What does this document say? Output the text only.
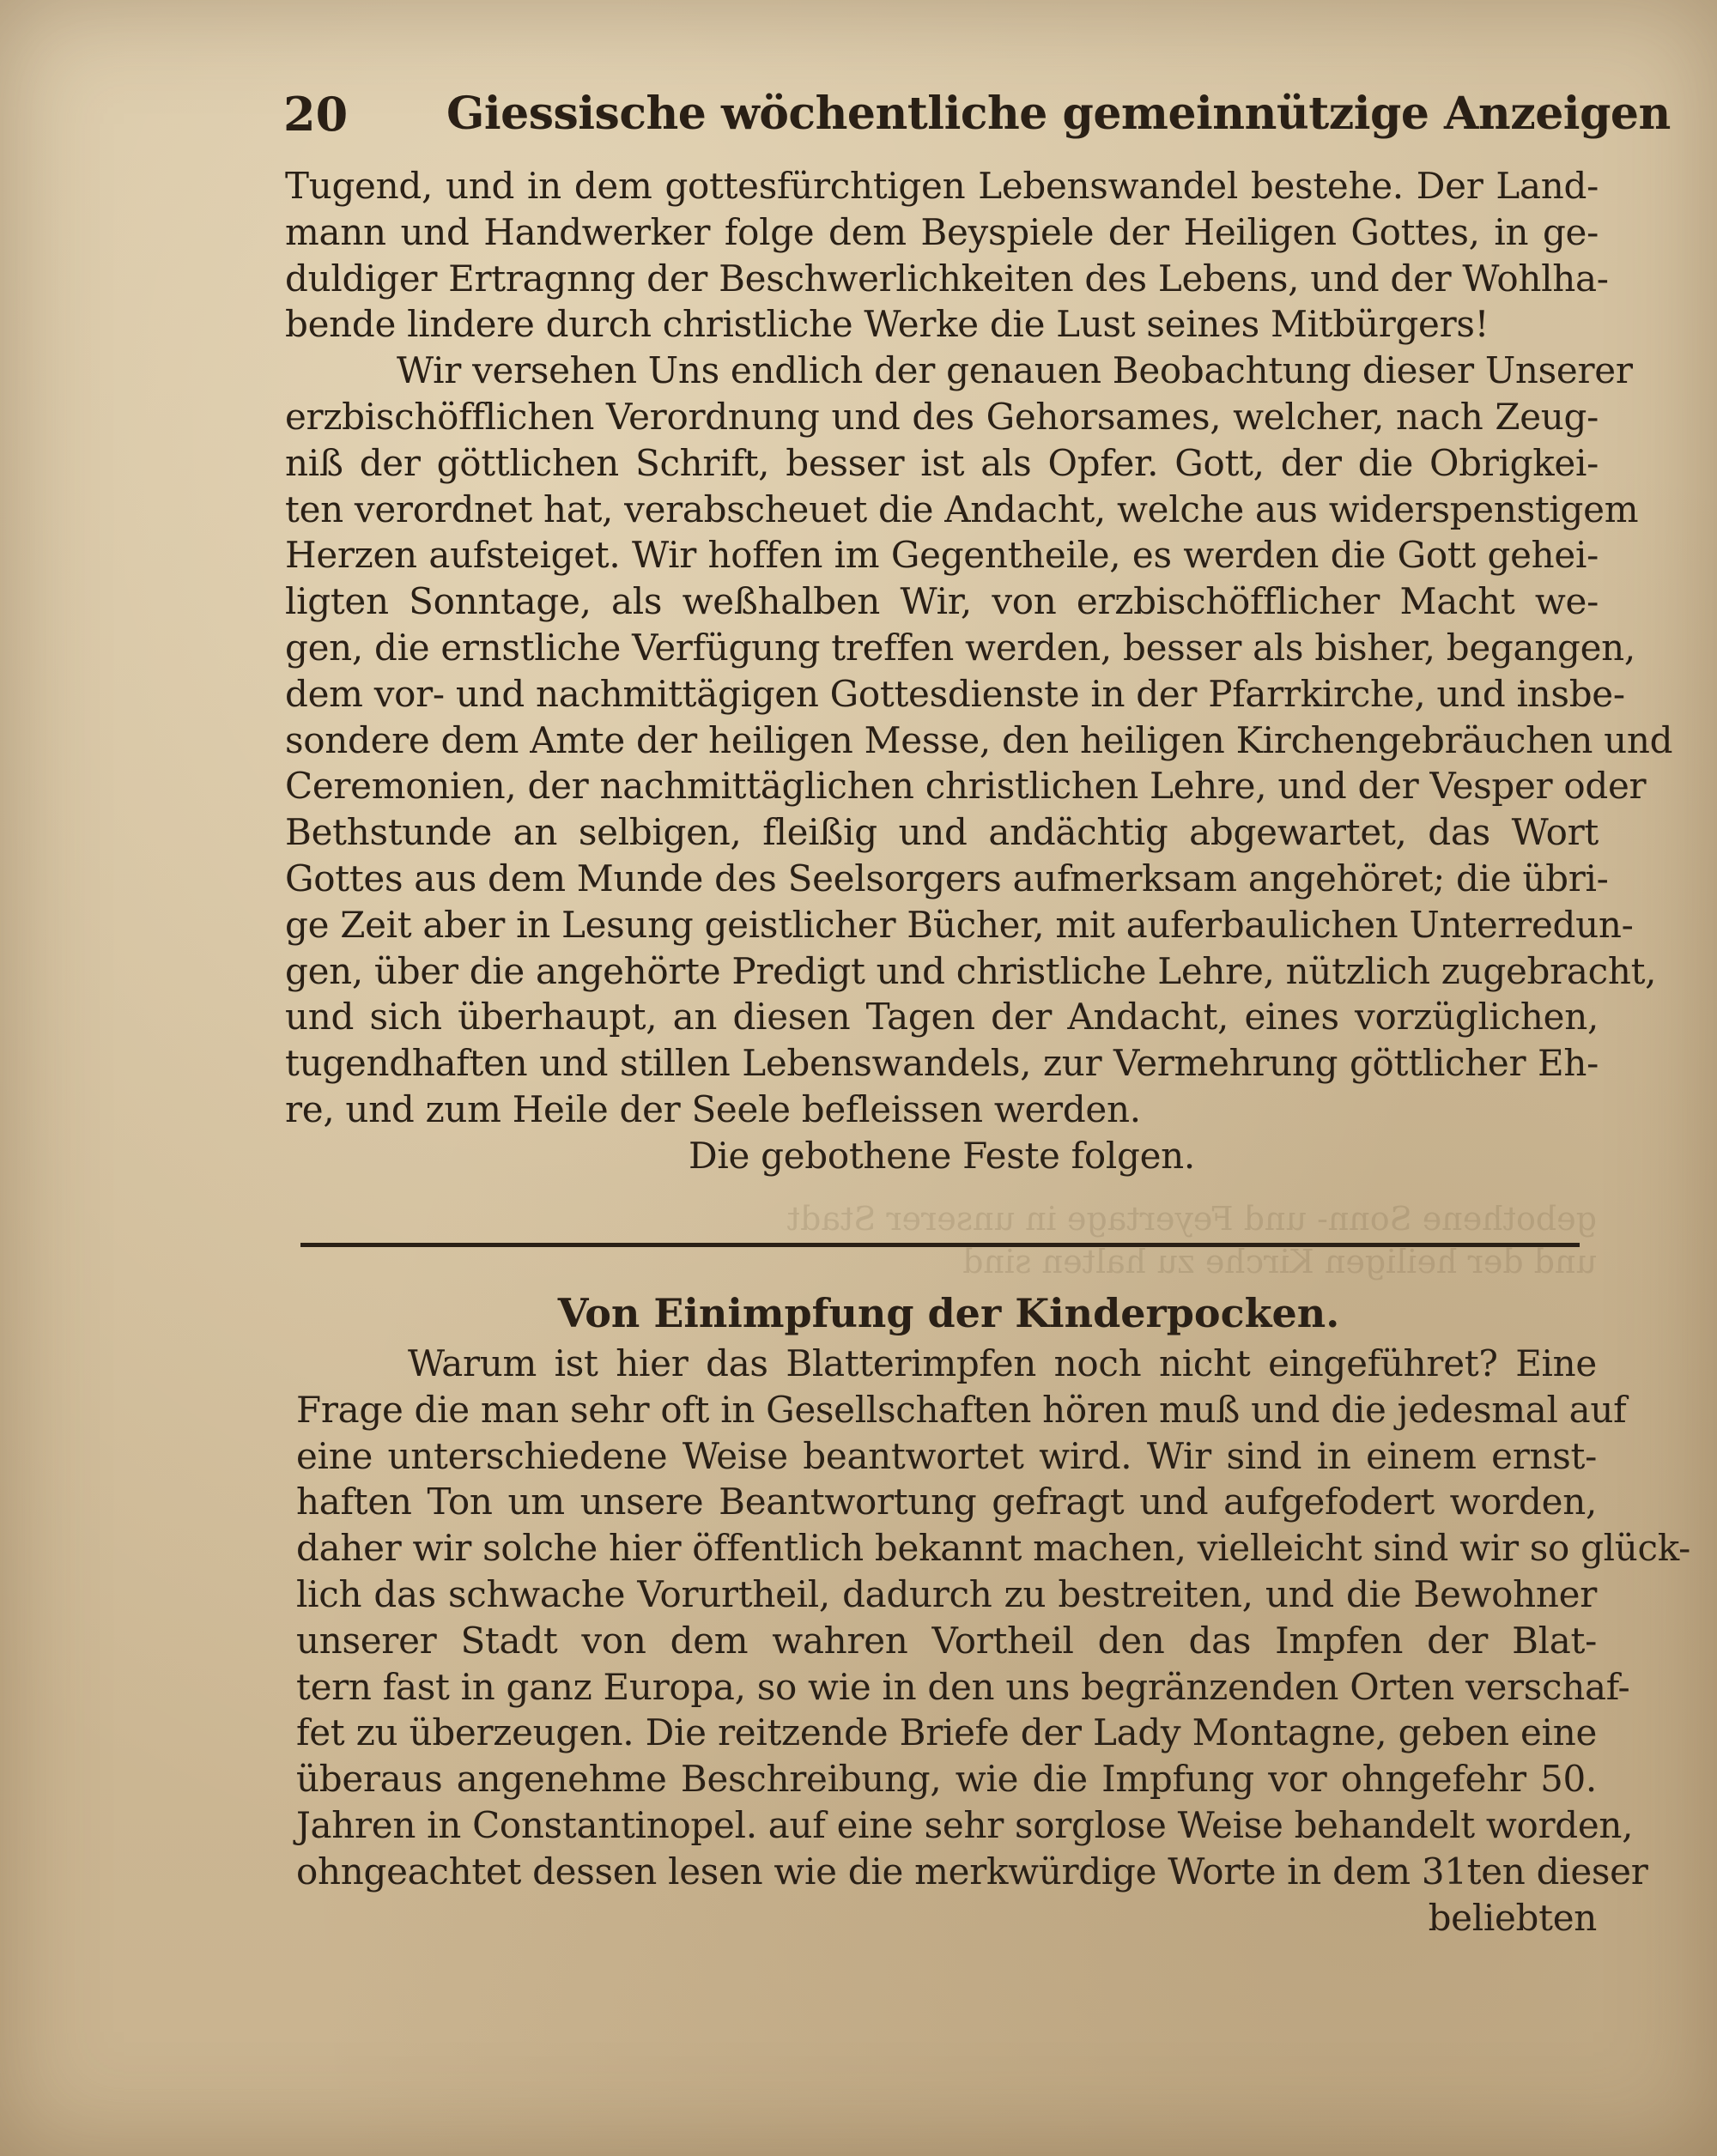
20 Giessische wöchentliche gemeinnützige Anzeigen
Tugend, und in dem gottesfürchtigen Lebenswandel bestehe. Der Land-
mann und Handwerker folge dem Beyspiele der Heiligen Gottes, in ge-
duldiger Ertragnng der Beschwerlichkeiten des Lebens, und der Wohlha-
bende lindere durch christliche Werke die Lust seines Mitbürgers!
Wir versehen Uns endlich der genauen Beobachtung dieser Unserer
erzbischöfflichen Verordnung und des Gehorsames, welcher, nach Zeug-
niß der göttlichen Schrift, besser ist als Opfer. Gott, der die Obrigkei-
ten verordnet hat, verabscheuet die Andacht, welche aus widerspenstigem
Herzen aufsteiget. Wir hoffen im Gegentheile, es werden die Gott gehei-
ligten Sonntage, als weßhalben Wir, von erzbischöfflicher Macht we-
gen, die ernstliche Verfügung treffen werden, besser als bisher, begangen,
dem vor- und nachmittägigen Gottesdienste in der Pfarrkirche, und insbe-
sondere dem Amte der heiligen Messe, den heiligen Kirchengebräuchen und
Ceremonien, der nachmittäglichen christlichen Lehre, und der Vesper oder
Bethstunde an selbigen, fleißig und andächtig abgewartet, das Wort
Gottes aus dem Munde des Seelsorgers aufmerksam angehöret; die übri-
ge Zeit aber in Lesung geistlicher Bücher, mit auferbaulichen Unterredun-
gen, über die angehörte Predigt und christliche Lehre, nützlich zugebracht,
und sich überhaupt, an diesen Tagen der Andacht, eines vorzüglichen,
tugendhaften und stillen Lebenswandels, zur Vermehrung göttlicher Eh-
re, und zum Heile der Seele befleissen werden.
Die gebothene Feste folgen.
gebothene Sonn- und Feyertage in unserer Stadt
und der heiligen Kirche zu halten sind
Von Einimpfung der Kinderpocken.
Warum ist hier das Blatterimpfen noch nicht eingeführet? Eine
Frage die man sehr oft in Gesellschaften hören muß und die jedesmal auf
eine unterschiedene Weise beantwortet wird. Wir sind in einem ernst-
haften Ton um unsere Beantwortung gefragt und aufgefodert worden,
daher wir solche hier öffentlich bekannt machen, vielleicht sind wir so glück-
lich das schwache Vorurtheil, dadurch zu bestreiten, und die Bewohner
unserer Stadt von dem wahren Vortheil den das Impfen der Blat-
tern fast in ganz Europa, so wie in den uns begränzenden Orten verschaf-
fet zu überzeugen. Die reitzende Briefe der Lady Montagne, geben eine
überaus angenehme Beschreibung, wie die Impfung vor ohngefehr 50.
Jahren in Constantinopel. auf eine sehr sorglose Weise behandelt worden,
ohngeachtet dessen lesen wie die merkwürdige Worte in dem 31ten dieser
beliebten
